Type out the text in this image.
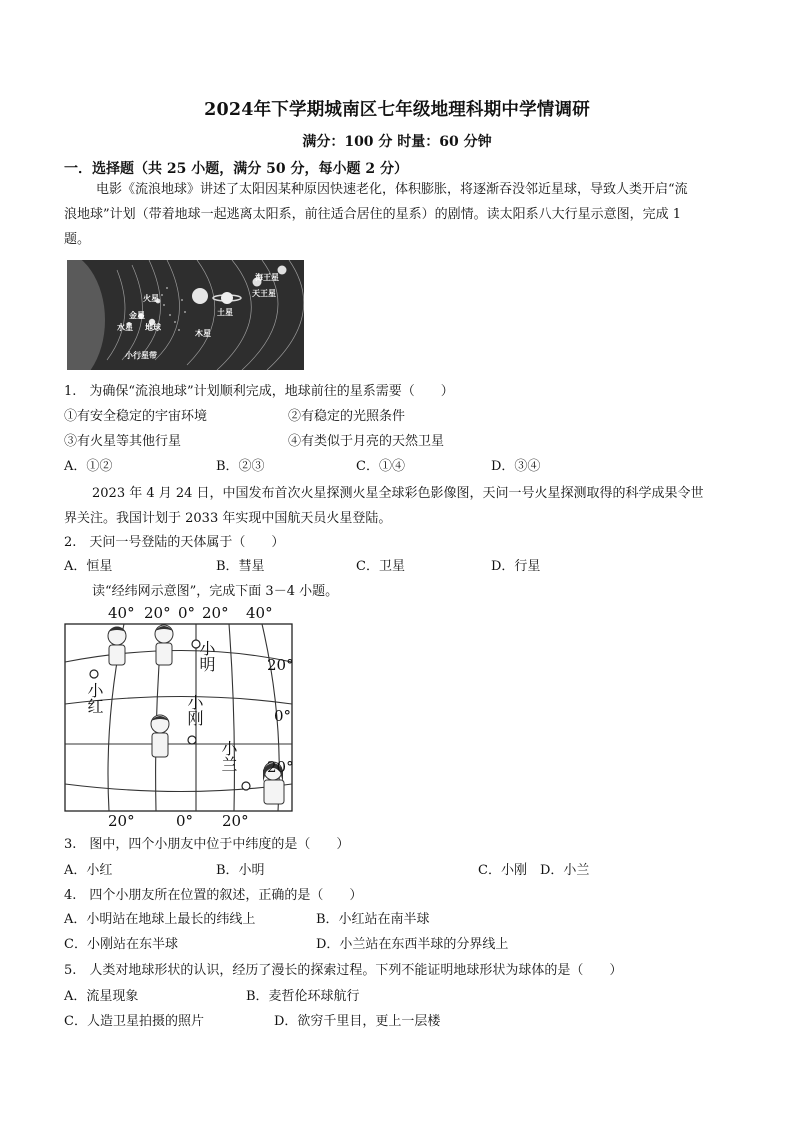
2024年下学期城南区七年级地理科期中学情调研
满分：100 分 时量：60 分钟
一．选择题（共 25 小题，满分 50 分，每小题 2 分）
电影《流浪地球》讲述了太阳因某种原因快速老化，体积膨胀，将逐渐吞没邻近星球，导致人类开启“流
浪地球”计划（带着地球一起逃离太阳系，前往适合居住的星系）的剧情。读太阳系八大行星示意图，完成 1
题。
海王星
天王星
土星
木星
火星
地球
金星
水星
小行星带
1.　为确保“流浪地球”计划顺利完成，地球前往的星系需要（　　）
①有安全稳定的宇宙环境	②有稳定的光照条件
③有火星等其他行星	④有类似于月亮的天然卫星
A．①②	B．②③	C．①④	D．③④
2023 年 4 月 24 日，中国发布首次火星探测火星全球彩色影像图，天问一号火星探测取得的科学成果令世
界关注。我国计划于 2033 年实现中国航天员火星登陆。
2.　天问一号登陆的天体属于（　　）
A．恒星	B．彗星	C．卫星	D．行星
读“经纬网示意图”，完成下面 3－4 小题。
40° 20° 0° 20° 40°
20°
0°
20°
20°	0° 20°
小明
小红	小刚
小兰
3.　图中，四个小朋友中位于中纬度的是（　　）
A．小红	B．小明	C．小刚 D．小兰
4.　四个小朋友所在位置的叙述，正确的是（　　）
A．小明站在地球上最长的纬线上	B．小红站在南半球
C．小刚站在东半球	D．小兰站在东西半球的分界线上
5.　人类对地球形状的认识，经历了漫长的探索过程。下列不能证明地球形状为球体的是（　　）
A．流星现象	B．麦哲伦环球航行
C．人造卫星拍摄的照片	D．欲穷千里目，更上一层楼
